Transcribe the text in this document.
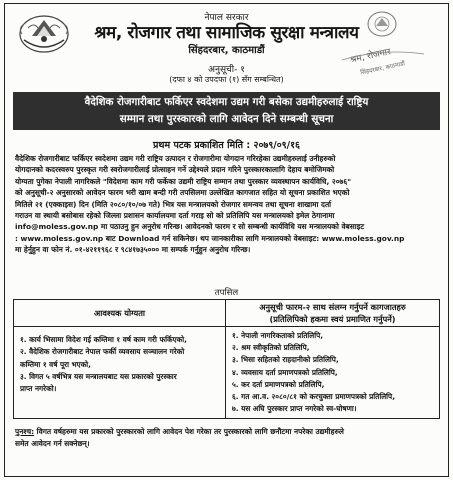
श्रम, रोजगार
सिंहदरबार, काठमाडौं
नेपाल सरकार
श्रम, रोजगार तथा सामाजिक सुरक्षा मन्त्रालय
सिंहदरबार, काठमाडौं
अनुसूची- १
(दफा ४ को उपदफा (१) सँग सम्बन्धित)
वैदेशिक रोजगारीबाट फर्किएर स्वदेशमा उद्यम गरी बसेका उद्यमीहरुलाई राष्ट्रिय
सम्मान तथा पुरस्कारको लागि आवेदन दिने सम्बन्धी सूचना
प्रथम पटक प्रकाशित मिति : २०७९/०९/१६
वैदेशिक रोजगारीबाट फर्किएर स्वदेशमा उद्यम गरी राष्ट्रिय उत्पादन र रोजगारीमा योगदान गरिरहेका उद्यमीहरुलाई उनीहरुको
योगदानको कदरस्वरुप पुरस्कृत गरी स्वरोजगारीलाई प्रोत्साहन गर्ने उद्देश्यले प्रदान गरिने पुरस्कारकालागि देहाय बमोजिमको
योग्यता पुगेका नेपाली नागरिकले "विदेशमा काम गरी फर्केका उद्यमी राष्ट्रिय सम्मान तथा पुरस्कार व्यवस्थापन कार्यविधि, २०७६"
को अनुसूची-२ अनुसारको आवेदन फारम भरी खाम बन्दी गरी तपसिलमा उल्लेखित कागजात सहित यो सूचना प्रकाशित भएको
मितिले २१ (एक्काइस) दिन (मिति २०८०/१०/०७ गते) भित्र यस मन्त्रालयको रोजगार समन्वय तथा सूचना शाखामा दर्ता
गराउन वा स्थायी बसोबास रहेको जिल्ला प्रशासन कार्यालयमा दर्ता गराइ सो को प्रतिलिपि यस मन्त्रालयको इमेल ठेगानामा
info@moless.gov.np मा पठाउनु हुन अनुरोध गरिन्छ। आवेदनको फारम र सो सम्बन्धी कार्यविधि यस मन्त्रालयको वेबसाइट
: www.moless.gov.np बाट Download गर्न सकिनेछ। थप जानकारीका लागि मन्त्रालयको वेबसाइट: www.moless.gov.np
मा हेर्नुहुन वा फोन नं. ०१-४२११९६८ र ९८४१७३५००० मा सम्पर्क गर्नुहुन अनुरोध गरिन्छ।
तपसिल
आवश्यक योग्यता
अनुसूची फारम-२ साथ संलग्न गर्नुपर्ने कागजातहरु
(प्रतिलिपिको हकमा स्वयं प्रमाणित गर्नुपर्ने)
१. कार्य भिसामा विदेश गई कम्तिमा १ वर्ष काम गरी फर्किएको,
२. वैदेशिक रोजगारीबाट नेपाल फर्की व्यवसाय सञ्चालन गरेको
कम्तिमा १ वर्ष पूरा भएको,
३. विगत ५ वर्षभित्र यस मन्त्रालयबाट यस प्रकारको पुरस्कार
प्राप्त नगरेको।
१. नेपाली नागरिकताको प्रतिलिपि,
२. श्रम स्वीकृतिको प्रतिलिपि,
३. भिसा सहितको राहदानीको प्रतिलिपि,
४. व्यवसाय दर्ता प्रमाणपत्रको प्रतिलिपि,
५. कर दर्ता प्रमाणपत्रको प्रतिलिपि,
६. गत आ.व. २०८०/८१ को करचुक्ता प्रमाणपत्रको प्रतिलिपि,
७. यस अघि पुरस्कार प्राप्त नगरेको स्व-घोषणा।
पुनश्च: विगत वर्षहरुमा यस प्रकारको पुरस्कारको लागि आवेदन पेश गरेका तर पुरस्कारको लागि छनौटमा नपरेका उद्यमीहरुले
समेत आवेदन गर्न सक्नेछन्।
